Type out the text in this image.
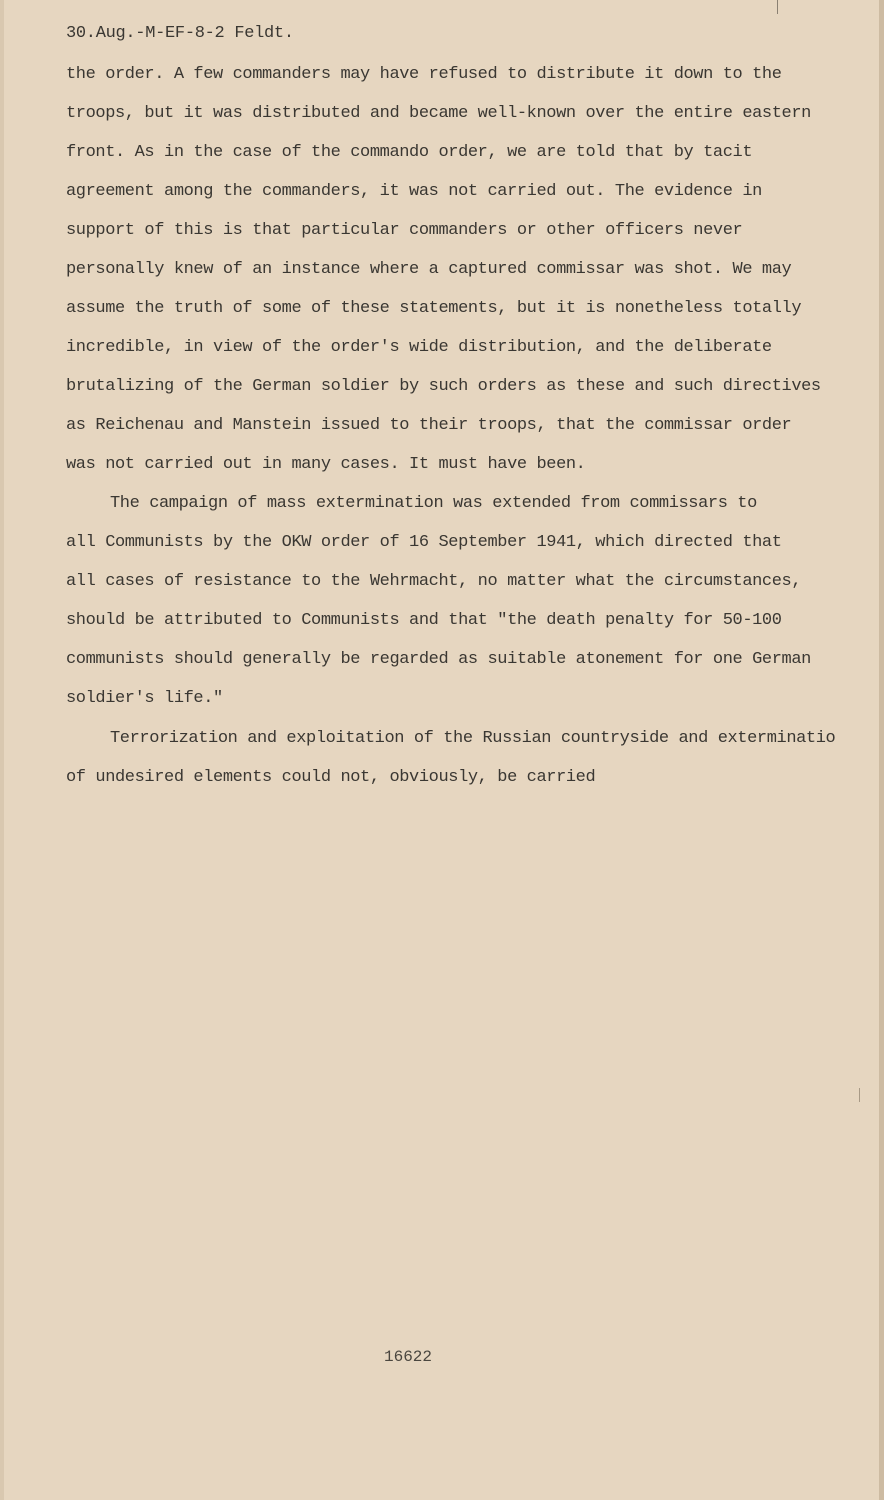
30.Aug.-M-EF-8-2 Feldt.
the order. A few commanders may have refused to distribute it down to the
troops, but it was distributed and became well-known over the entire eastern
front. As in the case of the commando order, we are told that by tacit
agreement among the commanders, it was not carried out. The evidence in
support of this is that particular commanders or other officers never
personally knew of an instance where a captured commissar was shot. We may
assume the truth of some of these statements, but it is nonetheless totally
incredible, in view of the order's wide distribution, and the deliberate
brutalizing of the German soldier by such orders as these and such directives
as Reichenau and Manstein issued to their troops, that the commissar order
was not carried out in many cases. It must have been.
The campaign of mass extermination was extended from commissars to
all Communists by the OKW order of 16 September 1941, which directed that
all cases of resistance to the Wehrmacht, no matter what the circumstances,
should be attributed to Communists and that "the death penalty for 50-100
communists should generally be regarded as suitable atonement for one German
soldier's life."
Terrorization and exploitation of the Russian countryside and exterminatio
of undesired elements could not, obviously, be carried
16622
